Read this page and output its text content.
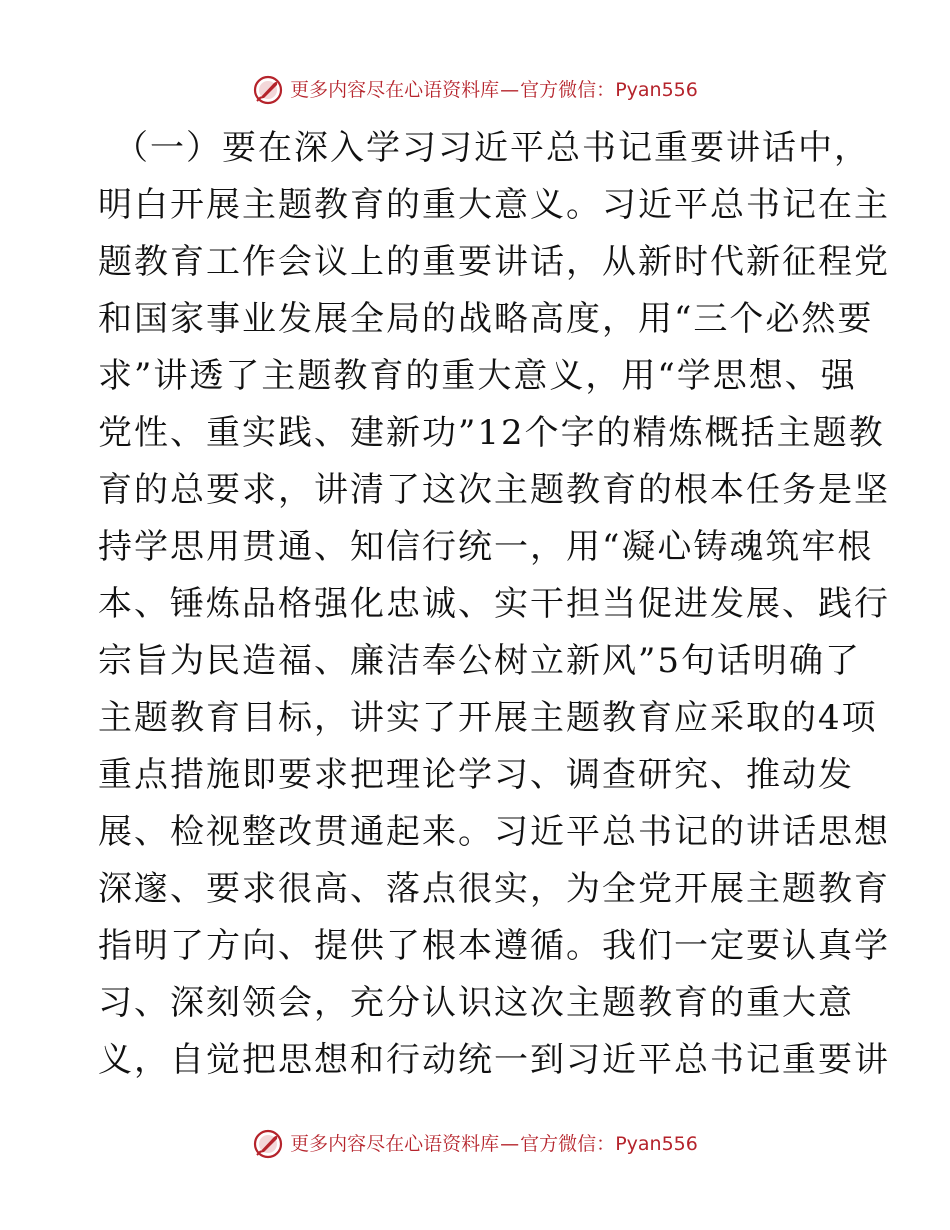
更多内容尽在心语资料库 — 官方微信： Pyan556
（一）要在深入学习习近平总书记重要讲话中，
明白开展主题教育的重大意义。习近平总书记在主
题教育工作会议上的重要讲话，从新时代新征程党
和国家事业发展全局的战略高度，用“三个必然要
求”讲透了主题教育的重大意义，用“学思想、强
党性、重实践、建新功”12个字的精炼概括主题教
育的总要求，讲清了这次主题教育的根本任务是坚
持学思用贯通、知信行统一，用“凝心铸魂筑牢根
本、锤炼品格强化忠诚、实干担当促进发展、践行
宗旨为民造福、廉洁奉公树立新风”5句话明确了
主题教育目标，讲实了开展主题教育应采取的4项
重点措施即要求把理论学习、调查研究、推动发
展、检视整改贯通起来。习近平总书记的讲话思想
深邃、要求很高、落点很实，为全党开展主题教育
指明了方向、提供了根本遵循。我们一定要认真学
习、深刻领会，充分认识这次主题教育的重大意
义，自觉把思想和行动统一到习近平总书记重要讲
更多内容尽在心语资料库 — 官方微信： Pyan556
